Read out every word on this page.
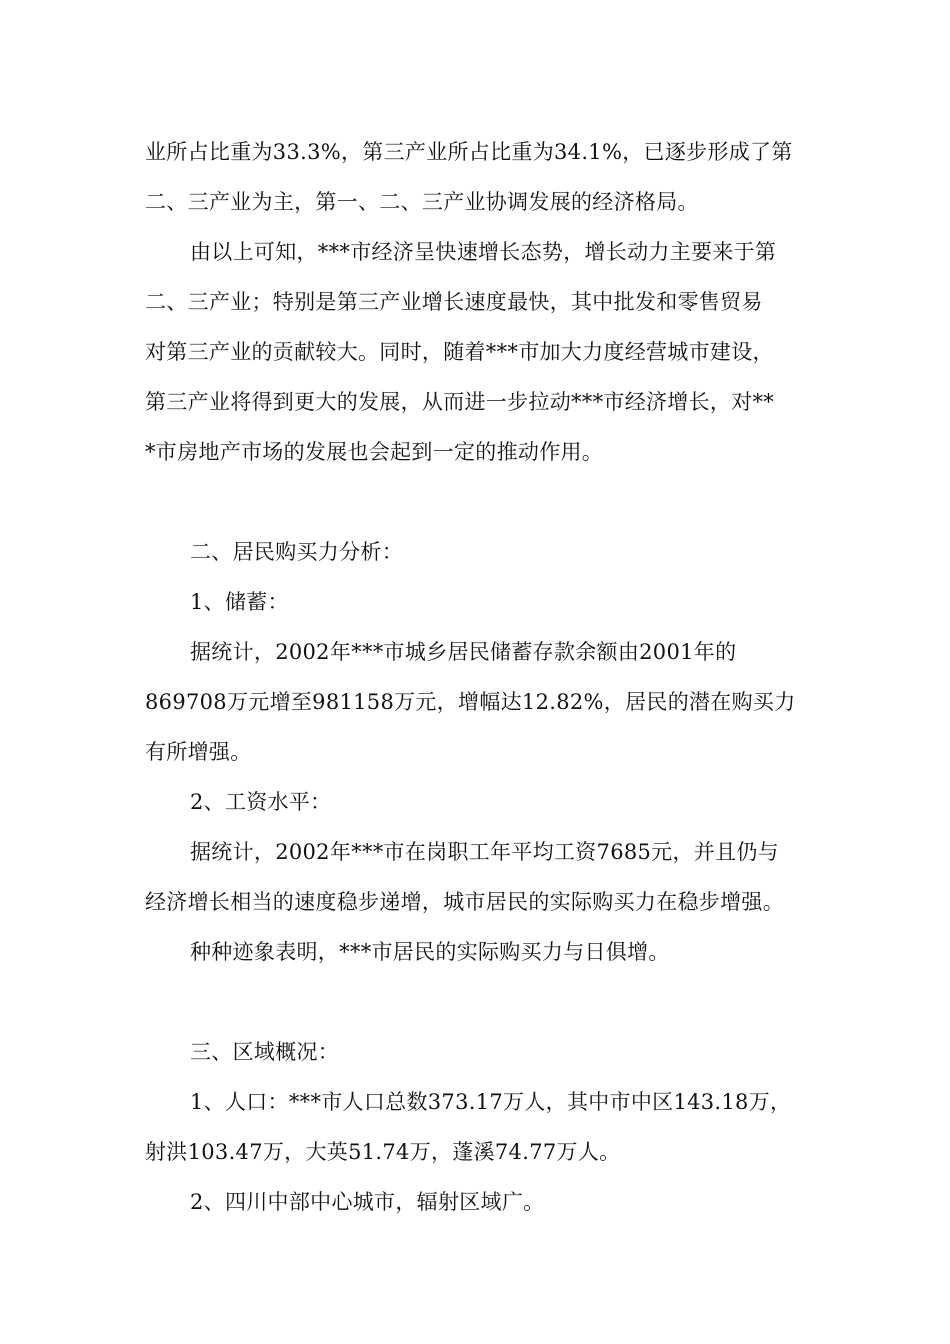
业所占比重为33.3%，第三产业所占比重为34.1%，已逐步形成了第
二、三产业为主，第一、二、三产业协调发展的经济格局。
由以上可知，***市经济呈快速增长态势，增长动力主要来于第
二、三产业；特别是第三产业增长速度最快，其中批发和零售贸易
对第三产业的贡献较大。同时，随着***市加大力度经营城市建设，
第三产业将得到更大的发展，从而进一步拉动***市经济增长，对**
*市房地产市场的发展也会起到一定的推动作用。
二、居民购买力分析：
1、储蓄：
据统计，2002年***市城乡居民储蓄存款余额由2001年的
869708万元增至981158万元，增幅达12.82%，居民的潜在购买力
有所增强。
2、工资水平：
据统计，2002年***市在岗职工年平均工资7685元，并且仍与
经济增长相当的速度稳步递增，城市居民的实际购买力在稳步增强。
种种迹象表明，***市居民的实际购买力与日俱增。
三、区域概况：
1、人口：***市人口总数373.17万人，其中市中区143.18万，
射洪103.47万，大英51.74万，蓬溪74.77万人。
2、四川中部中心城市，辐射区域广。
